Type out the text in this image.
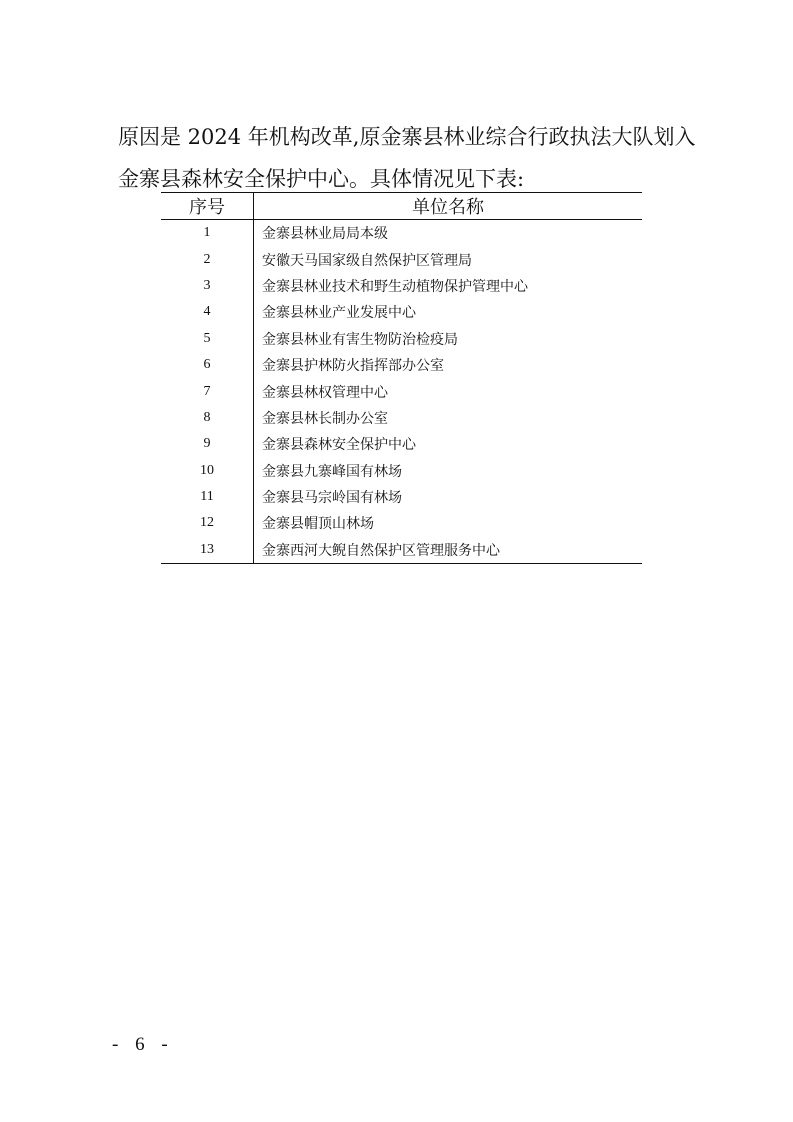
原因是 2024 年机构改革,原金寨县林业综合行政执法大队划入
金寨县森林安全保护中心。具体情况见下表:

序号	单位名称
1	金寨县林业局局本级
2	安徽天马国家级自然保护区管理局
3	金寨县林业技术和野生动植物保护管理中心
4	金寨县林业产业发展中心
5	金寨县林业有害生物防治检疫局
6	金寨县护林防火指挥部办公室
7	金寨县林权管理中心
8	金寨县林长制办公室
9	金寨县森林安全保护中心
10	金寨县九寨峰国有林场
11	金寨县马宗岭国有林场
12	金寨县帽顶山林场
13	金寨西河大鲵自然保护区管理服务中心
- 6 -
